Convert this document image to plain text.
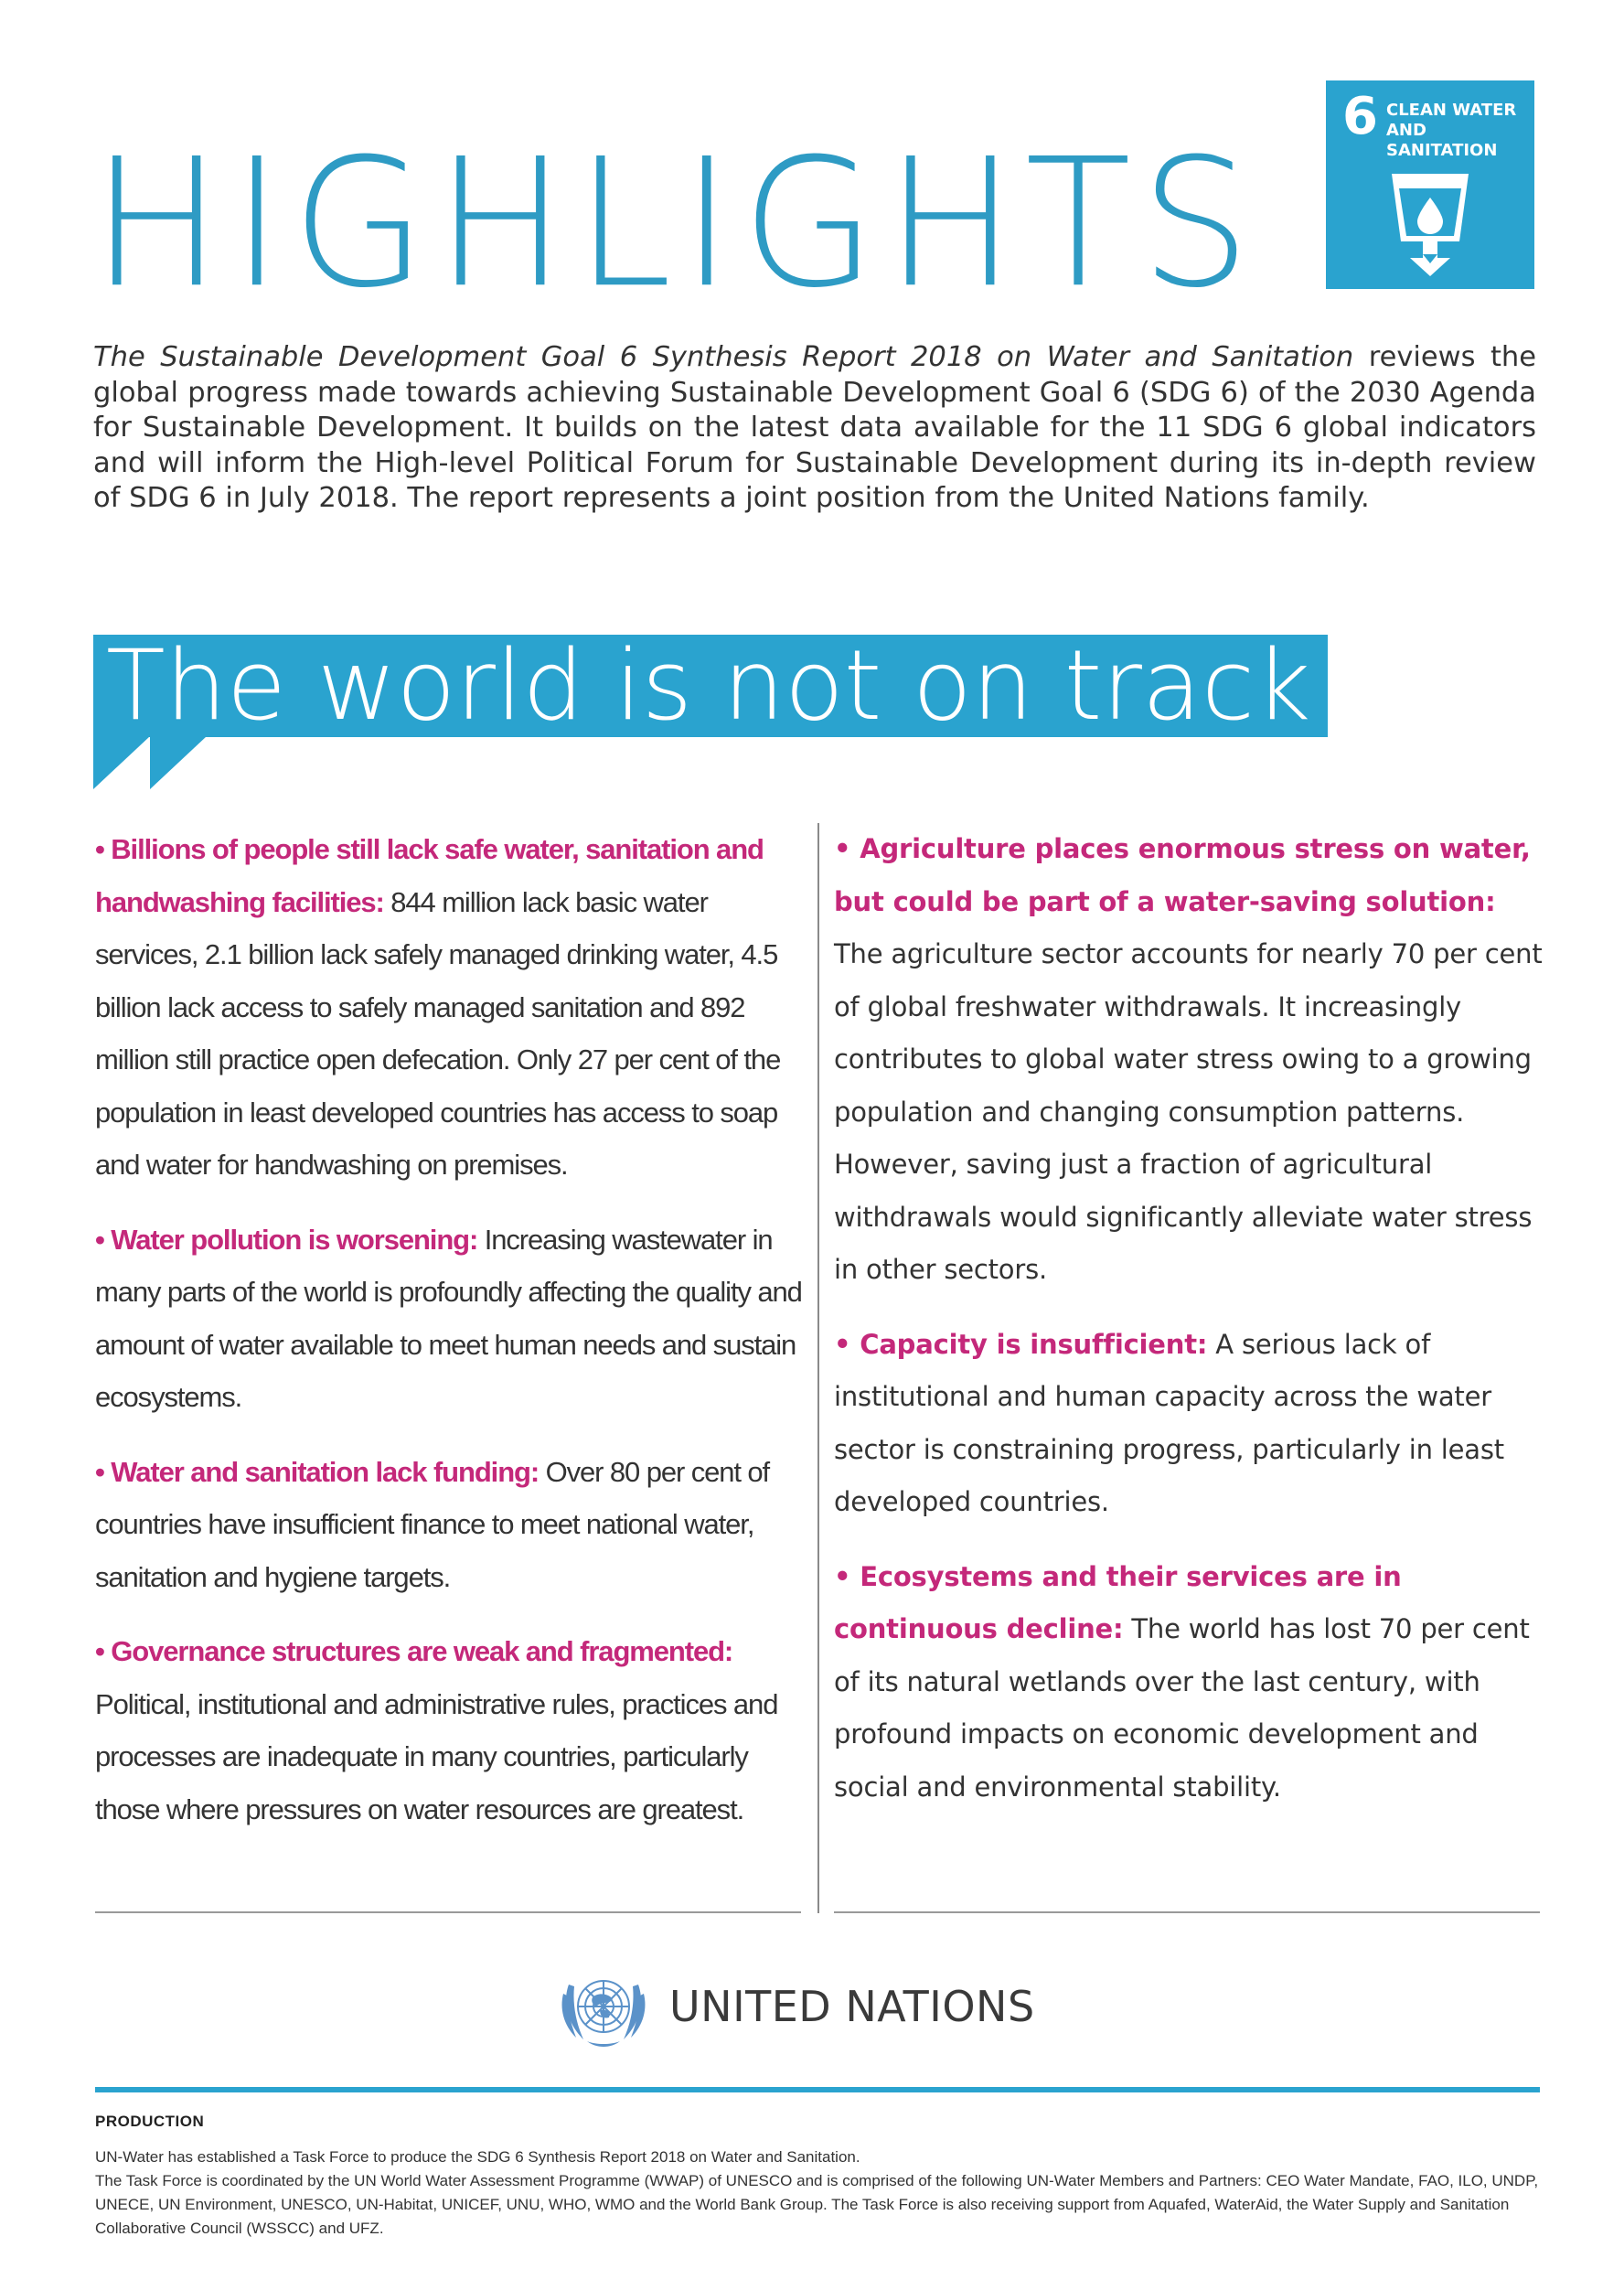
HIGHLIGHTS
6 CLEAN WATER
AND SANITATION

The Sustainable Development Goal 6 Synthesis Report 2018 on Water and Sanitation reviews the global progress made towards achieving Sustainable Development Goal 6 (SDG 6) of the 2030 Agenda for Sustainable Development. It builds on the latest data available for the 11 SDG 6 global indicators and will inform the High-level Political Forum for Sustainable Development during its in-depth review of SDG 6 in July 2018. The report represents a joint position from the United Nations family.

The world is not on track

• Billions of people still lack safe water, sanitation and handwashing facilities: 844 million lack basic water services, 2.1 billion lack safely managed drinking water, 4.5 billion lack access to safely managed sanitation and 892 million still practice open defecation. Only 27 per cent of the population in least developed countries has access to soap and water for handwashing on premises.

• Water pollution is worsening: Increasing wastewater in many parts of the world is profoundly affecting the quality and amount of water available to meet human needs and sustain ecosystems.

• Water and sanitation lack funding: Over 80 per cent of countries have insufficient finance to meet national water, sanitation and hygiene targets.

• Governance structures are weak and fragmented: Political, institutional and administrative rules, practices and processes are inadequate in many countries, particularly those where pressures on water resources are greatest.

• Agriculture places enormous stress on water, but could be part of a water-saving solution: The agriculture sector accounts for nearly 70 per cent of global freshwater withdrawals. It increasingly contributes to global water stress owing to a growing population and changing consumption patterns. However, saving just a fraction of agricultural withdrawals would significantly alleviate water stress in other sectors.

• Capacity is insufficient: A serious lack of institutional and human capacity across the water sector is constraining progress, particularly in least developed countries.

• Ecosystems and their services are in continuous decline: The world has lost 70 per cent of its natural wetlands over the last century, with profound impacts on economic development and social and environmental stability.

UNITED NATIONS

PRODUCTION

UN-Water has established a Task Force to produce the SDG 6 Synthesis Report 2018 on Water and Sanitation.

The Task Force is coordinated by the UN World Water Assessment Programme (WWAP) of UNESCO and is comprised of the following UN-Water Members and Partners: CEO Water Mandate, FAO, ILO, UNDP, UNECE, UN Environment, UNESCO, UN-Habitat, UNICEF, UNU, WHO, WMO and the World Bank Group. The Task Force is also receiving support from Aquafed, WaterAid, the Water Supply and Sanitation Collaborative Council (WSSCC) and UFZ.
